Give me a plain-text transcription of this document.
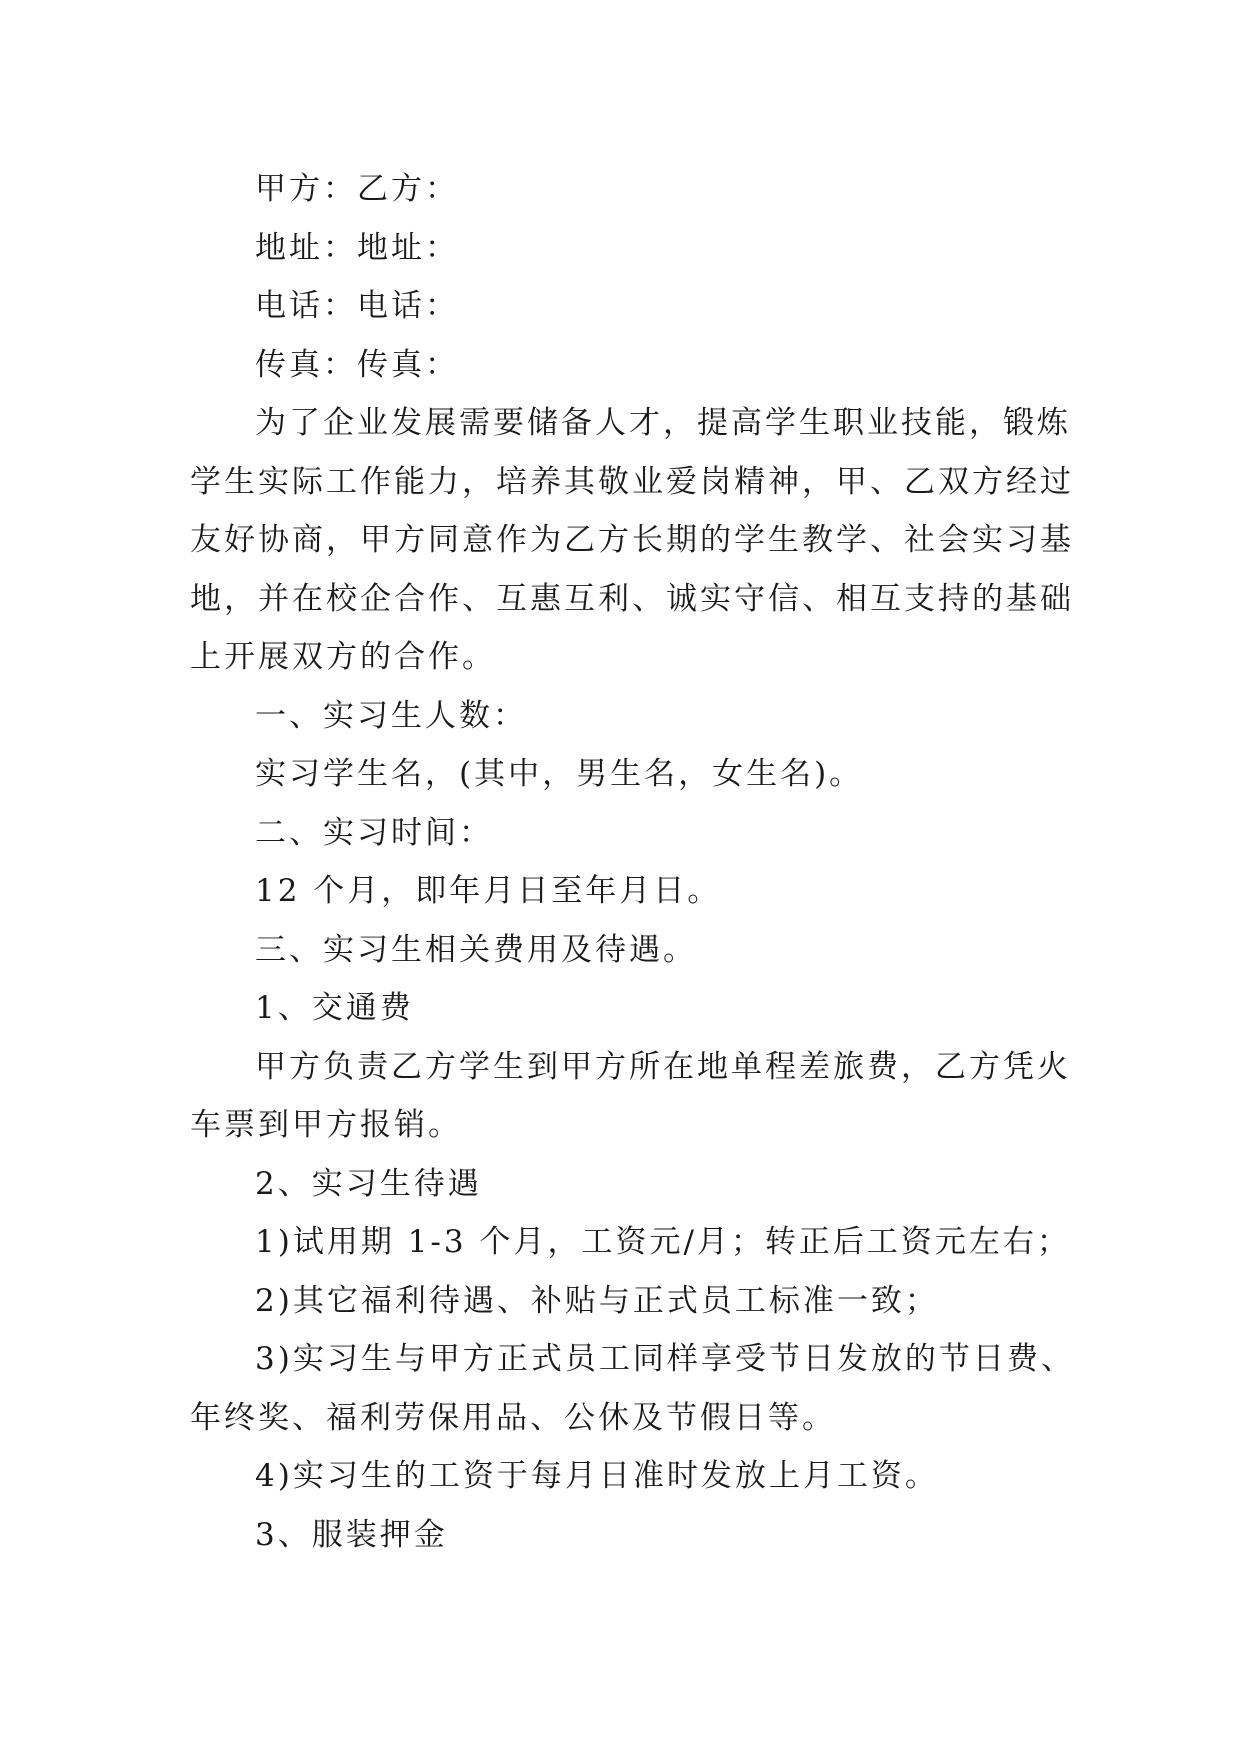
甲方：乙方：
地址：地址：
电话：电话：
传真：传真：
为了企业发展需要储备人才，提高学生职业技能，锻炼
学生实际工作能力，培养其敬业爱岗精神，甲、乙双方经过
友好协商，甲方同意作为乙方长期的学生教学、社会实习基
地，并在校企合作、互惠互利、诚实守信、相互支持的基础
上开展双方的合作。
一、实习生人数：
实习学生名，(其中，男生名，女生名)。
二、实习时间：
12 个月，即年月日至年月日。
三、实习生相关费用及待遇。
1、交通费
甲方负责乙方学生到甲方所在地单程差旅费，乙方凭火
车票到甲方报销。
2、实习生待遇
1)试用期 1-3 个月，工资元/月；转正后工资元左右；
2)其它福利待遇、补贴与正式员工标准一致；
3)实习生与甲方正式员工同样享受节日发放的节日费、
年终奖、福利劳保用品、公休及节假日等。
4)实习生的工资于每月日准时发放上月工资。
3、服装押金
